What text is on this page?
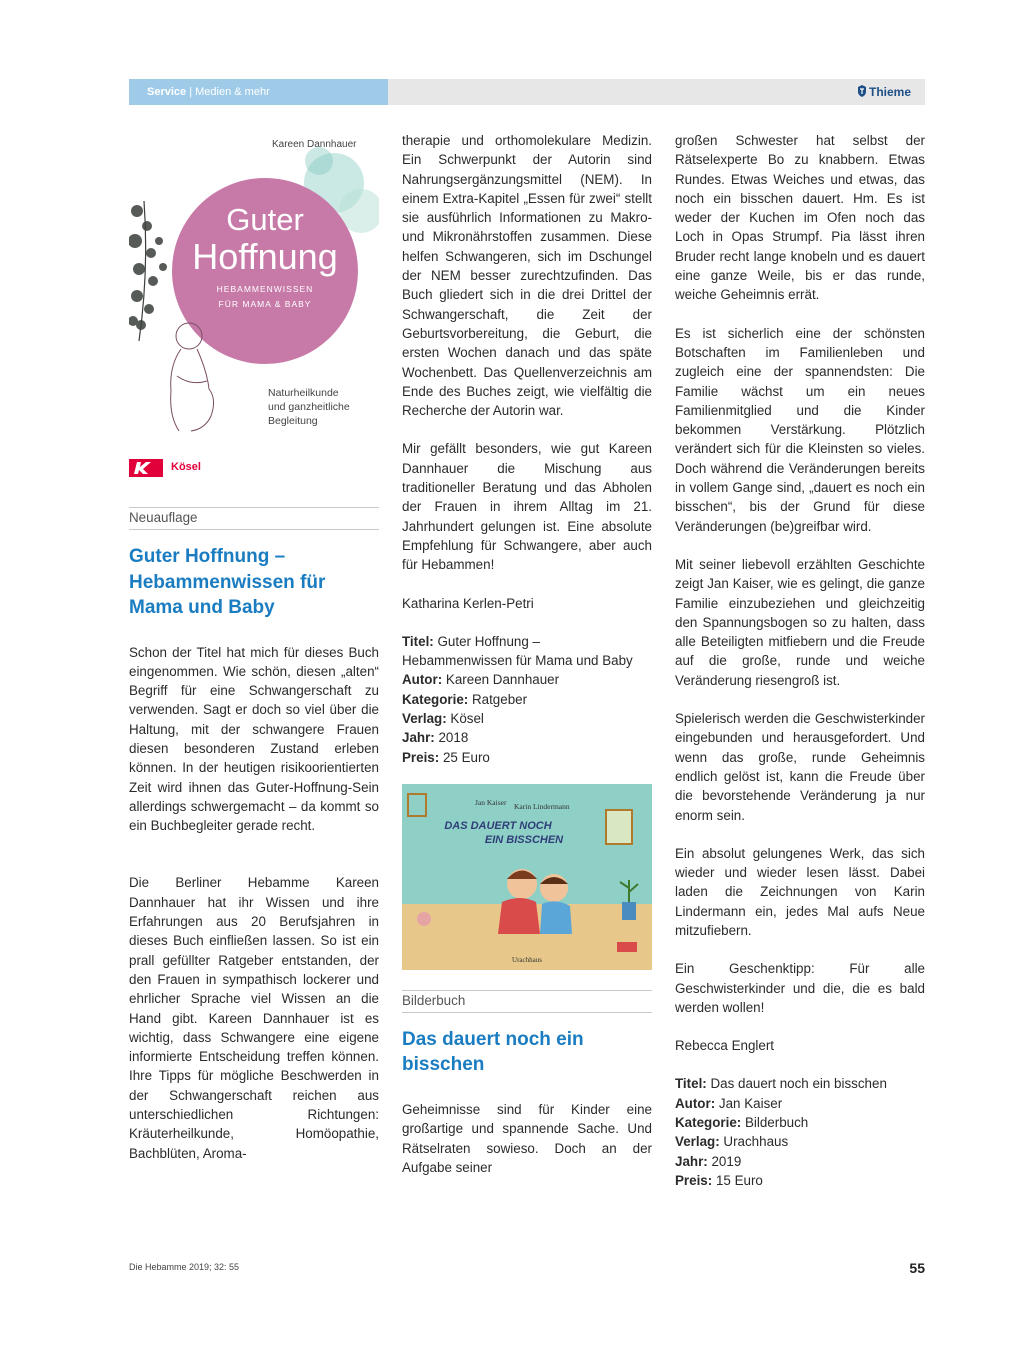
Service | Medien & mehr	Thieme
Kareen Dannhauer
Guter
Hoffnung
HEBAMMENWISSEN
FÜR MAMA & BABY
Naturheilkunde
und ganzheitliche
Begleitung
Kösel
Neuauflage
Guter Hoffnung – Hebammenwissen für Mama und Baby

Schon der Titel hat mich für dieses Buch eingenommen. Wie schön, diesen „alten“ Begriff für eine Schwangerschaft zu verwenden. Sagt er doch so viel über die Haltung, mit der schwangere Frauen diesen besonderen Zustand erleben können. In der heutigen risikoorientierten Zeit wird ihnen das Guter-Hoffnung-Sein allerdings schwergemacht – da kommt so ein Buchbegleiter gerade recht.

Die Berliner Hebamme Kareen Dannhauer hat ihr Wissen und ihre Erfahrungen aus 20 Berufsjahren in dieses Buch einfließen lassen. So ist ein prall gefüllter Ratgeber entstanden, der den Frauen in sympathisch lockerer und ehrlicher Sprache viel Wissen an die Hand gibt. Kareen Dannhauer ist es wichtig, dass Schwangere eine eigene informierte Entscheidung treffen können. Ihre Tipps für mögliche Beschwerden in der Schwangerschaft reichen aus unterschiedlichen Richtungen: Kräuterheilkunde, Homöopathie, Bachblüten, Aroma-

therapie und orthomolekulare Medizin. Ein Schwerpunkt der Autorin sind Nahrungsergänzungsmittel (NEM). In einem Extra-Kapitel „Essen für zwei“ stellt sie ausführlich Informationen zu Makro- und Mikronährstoffen zusammen. Diese helfen Schwangeren, sich im Dschungel der NEM besser zurechtzufinden. Das Buch gliedert sich in die drei Drittel der Schwangerschaft, die Zeit der Geburtsvorbereitung, die Geburt, die ersten Wochen danach und das späte Wochenbett. Das Quellenverzeichnis am Ende des Buches zeigt, wie vielfältig die Recherche der Autorin war.

Mir gefällt besonders, wie gut Kareen Dannhauer die Mischung aus traditioneller Beratung und das Abholen der Frauen in ihrem Alltag im 21. Jahrhundert gelungen ist. Eine absolute Empfehlung für Schwangere, aber auch für Hebammen!

Katharina Kerlen-Petri

Titel: Guter Hoffnung – Hebammenwissen für Mama und Baby
Autor: Kareen Dannhauer
Kategorie: Ratgeber
Verlag: Kösel
Jahr: 2018
Preis: 25 Euro
Jan Kaiser Karin Lindermann
DAS DAUERT NOCH
EIN BISSCHEN
Urachhaus
Bilderbuch
Das dauert noch ein bisschen

Geheimnisse sind für Kinder eine großartige und spannende Sache. Und Rätselraten sowieso. Doch an der Aufgabe seiner

großen Schwester hat selbst der Rätselexperte Bo zu knabbern. Etwas Rundes. Etwas Weiches und etwas, das noch ein bisschen dauert. Hm. Es ist weder der Kuchen im Ofen noch das Loch in Opas Strumpf. Pia lässt ihren Bruder recht lange knobeln und es dauert eine ganze Weile, bis er das runde, weiche Geheimnis errät.

Es ist sicherlich eine der schönsten Botschaften im Familienleben und zugleich eine der spannendsten: Die Familie wächst um ein neues Familienmitglied und die Kinder bekommen Verstärkung. Plötzlich verändert sich für die Kleinsten so vieles. Doch während die Veränderungen bereits in vollem Gange sind, „dauert es noch ein bisschen“, bis der Grund für diese Veränderungen (be)greifbar wird.

Mit seiner liebevoll erzählten Geschichte zeigt Jan Kaiser, wie es gelingt, die ganze Familie einzubeziehen und gleichzeitig den Spannungsbogen so zu halten, dass alle Beteiligten mitfiebern und die Freude auf die große, runde und weiche Veränderung riesengroß ist.

Spielerisch werden die Geschwisterkinder eingebunden und herausgefordert. Und wenn das große, runde Geheimnis endlich gelöst ist, kann die Freude über die bevorstehende Veränderung ja nur enorm sein.

Ein absolut gelungenes Werk, das sich wieder und wieder lesen lässt. Dabei laden die Zeichnungen von Karin Lindermann ein, jedes Mal aufs Neue mitzufiebern.

Ein Geschenktipp: Für alle Geschwisterkinder und die, die es bald werden wollen!

Rebecca Englert

Titel: Das dauert noch ein bisschen
Autor: Jan Kaiser
Kategorie: Bilderbuch
Verlag: Urachhaus
Jahr: 2019
Preis: 15 Euro
Die Hebamme 2019; 32: 55	55
